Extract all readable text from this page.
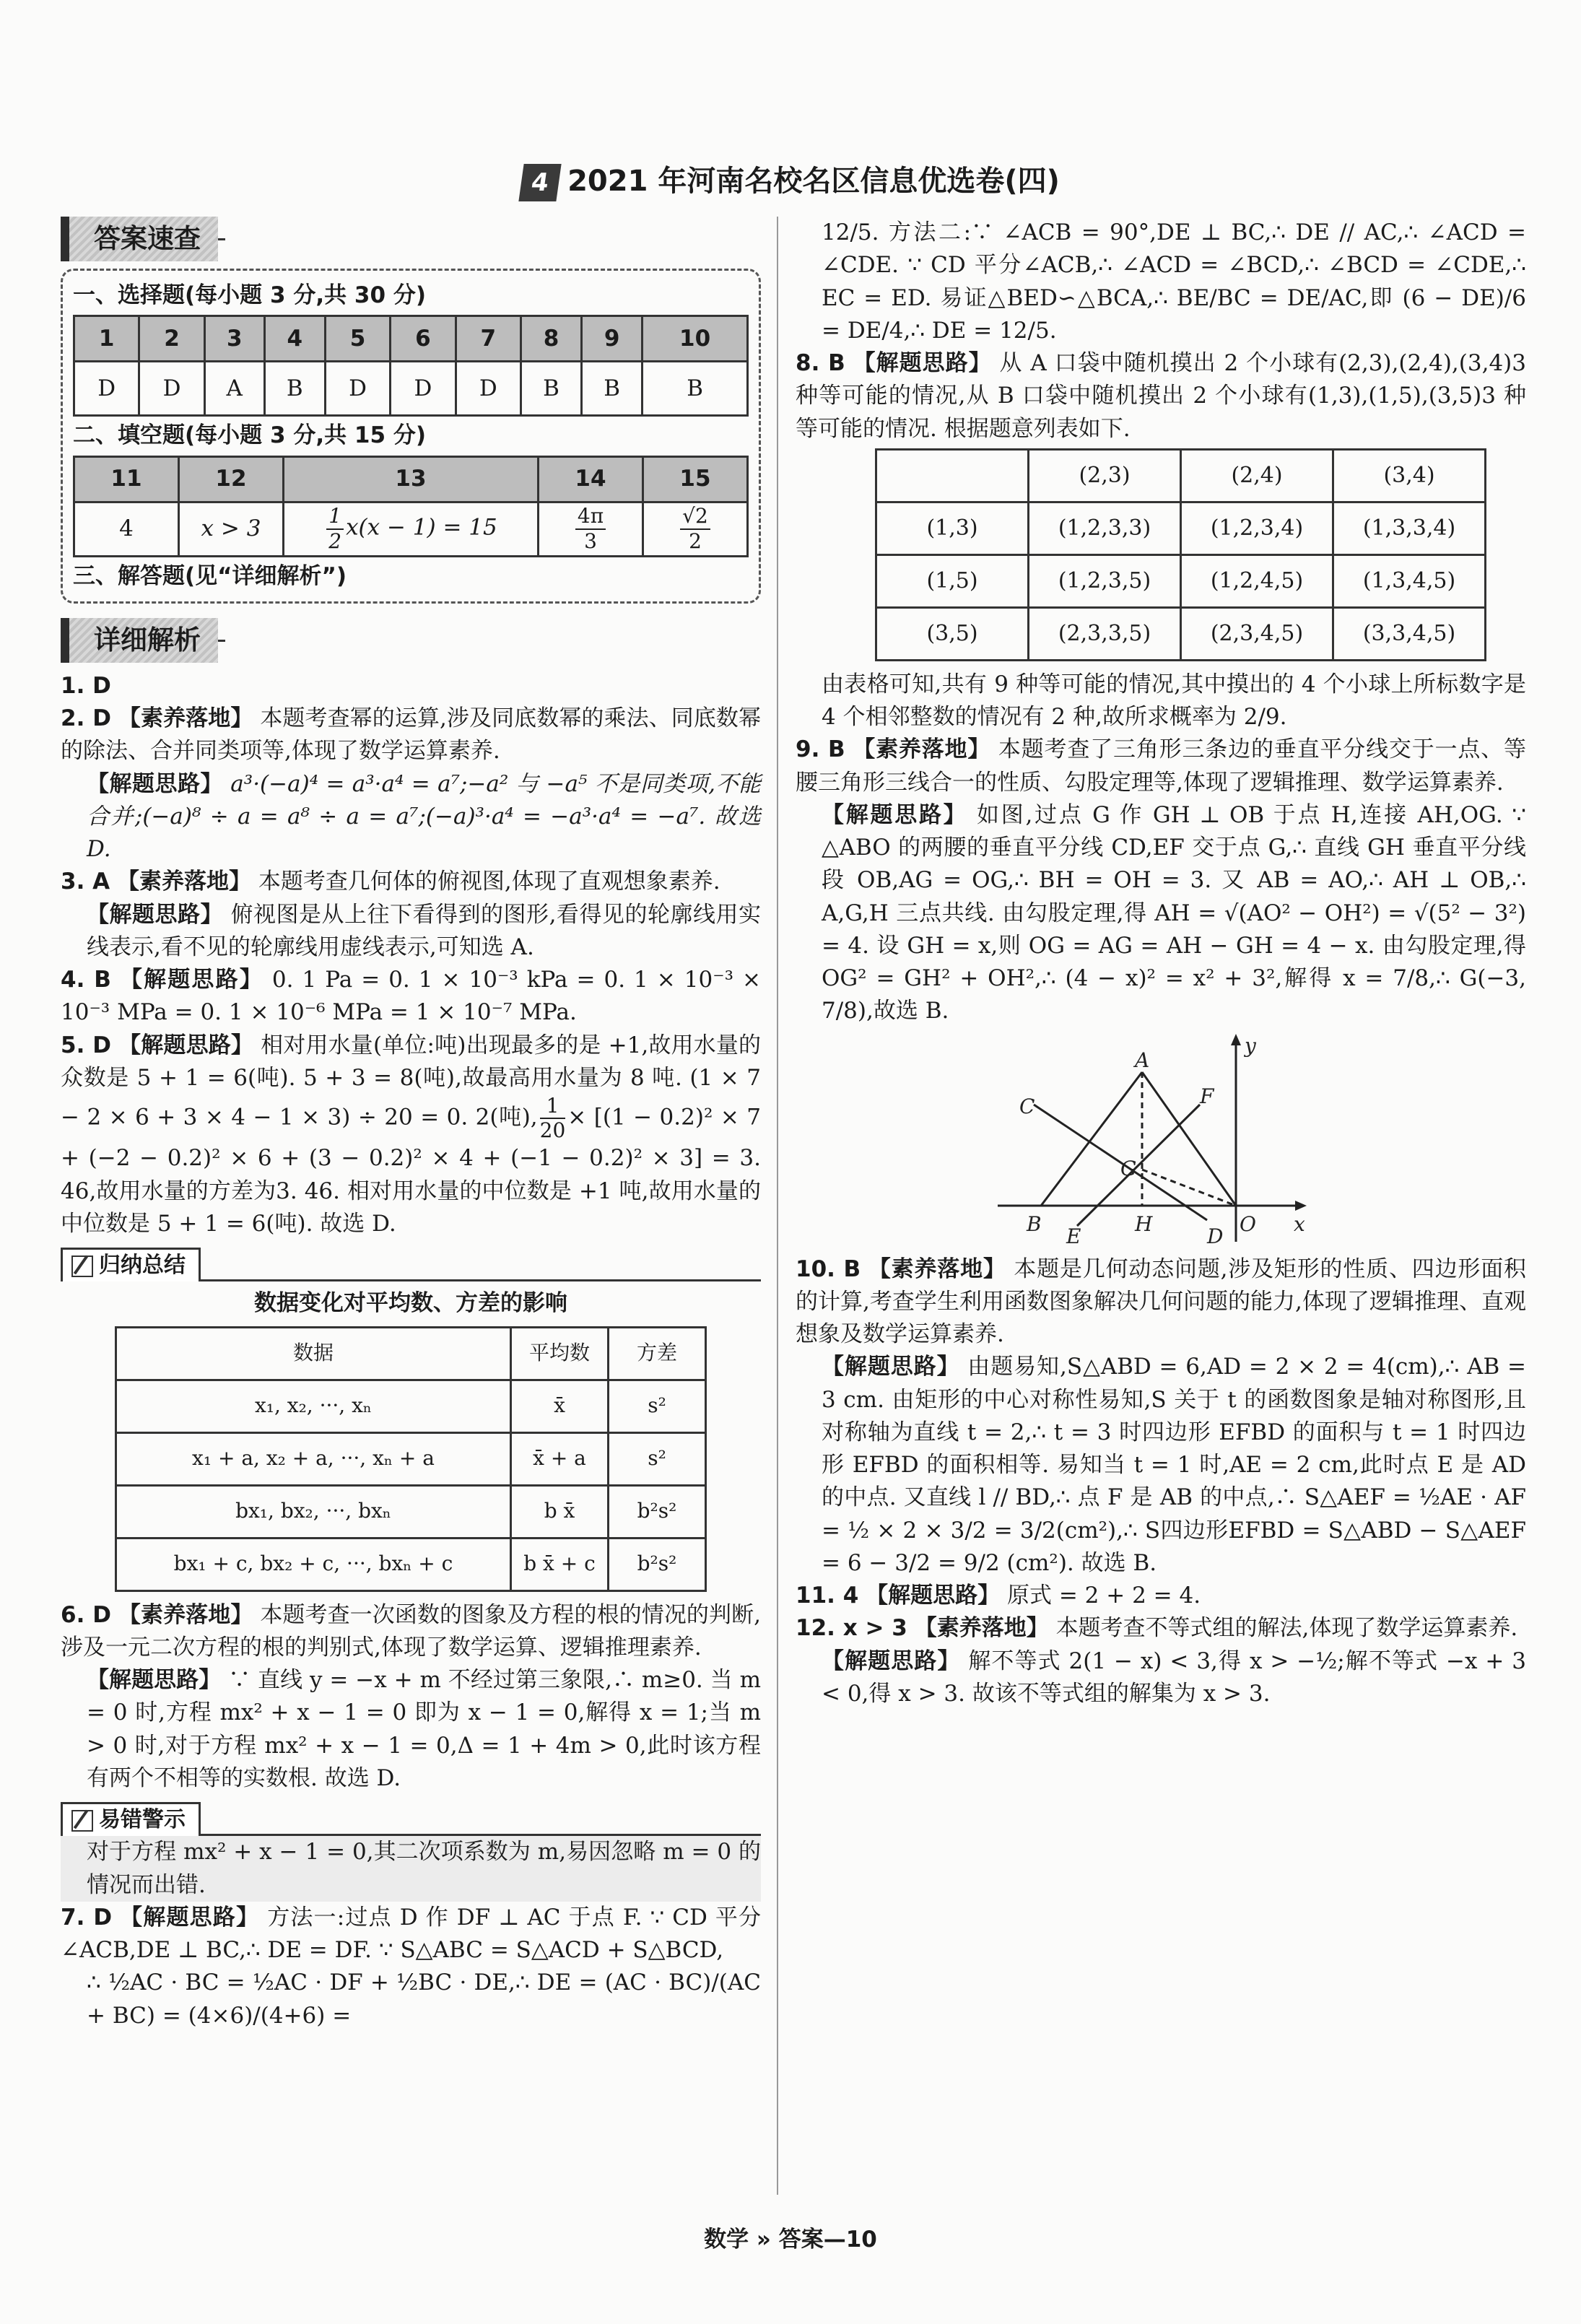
4 2021 年河南名校名区信息优选卷(四)
答案速查
一、选择题(每小题 3 分,共 30 分)
1	2	3	4	5	6	7	8	9	10
D	D	A	B	D	D	D	B	B	B
二、填空题(每小题 3 分,共 15 分)
11	12	13	14	15
4	x > 3	$\frac{1}{2} x(x - 1) = 15$	$\frac{4\pi}{3}$	$\frac{√2}{2}$
三、解答题(见“详细解析”)
详细解析

1. D

2. D 【素养落地】 本题考查幂的运算,涉及同底数幂的乘法、同底数幂的除法、合并同类项等,体现了数学运算素养.

【解题思路】 a³·(−a)⁴ = a³·a⁴ = a⁷;−a² 与 −a⁵ 不是同类项,不能合并;(−a)⁸ ÷ a = a⁸ ÷ a = a⁷;(−a)³·a⁴ = −a³·a⁴ = −a⁷. 故选 D.

3. A 【素养落地】 本题考查几何体的俯视图,体现了直观想象素养.

【解题思路】 俯视图是从上往下看得到的图形,看得见的轮廓线用实线表示,看不见的轮廓线用虚线表示,可知选 A.

4. B 【解题思路】 0. 1 Pa = 0. 1 × 10⁻³ kPa = 0. 1 × 10⁻³ × 10⁻³ MPa = 0. 1 × 10⁻⁶ MPa = 1 × 10⁻⁷ MPa.

5. D 【解题思路】 相对用水量(单位:吨)出现最多的是 +1,故用水量的众数是 5 + 1 = 6(吨). 5 + 3 = 8(吨),故最高用水量为 8 吨. (1 × 7 − 2 × 6 + 3 × 4 − 1 × 3) ÷ 20 = 0. 2(吨), $\frac{1}{20} \times [(1 - 0.2)^2 \times 7 + (-2 - 0.2)^2 \times 6 + (3 - 0.2)^2 \times 4 + (-1 - 0.2)^2 \times 3] = 3$. 46,故用水量的方差为3. 46. 相对用水量的中位数是 +1 吨,故用水量的中位数是 5 + 1 = 6(吨). 故选 D.

归纳总结
数据变化对平均数、方差的影响
数据	平均数	方差
x₁, x₂, ···, xₙ	x̄	s²
x₁ + a, x₂ + a, ···, xₙ + a	x̄ + a	s²
bx₁, bx₂, ···, bxₙ	b x̄	b²s²
bx₁ + c, bx₂ + c, ···, bxₙ + c	b x̄ + c	b²s²

6. D 【素养落地】 本题考查一次函数的图象及方程的根的情况的判断,涉及一元二次方程的根的判别式,体现了数学运算、逻辑推理素养.

【解题思路】 ∵ 直线 y = −x + m 不经过第三象限,∴ m≥0. 当 m = 0 时,方程 mx² + x − 1 = 0 即为 x − 1 = 0,解得 x = 1;当 m > 0 时,对于方程 mx² + x − 1 = 0,Δ = 1 + 4m > 0,此时该方程有两个不相等的实数根. 故选 D.

易错警示

对于方程 mx² + x − 1 = 0,其二次项系数为 m,易因忽略 m = 0 的情况而出错.

7. D 【解题思路】 方法一:过点 D 作 DF ⊥ AC 于点 F. ∵ CD 平分∠ACB,DE ⊥ BC,∴ DE = DF. ∵ S△ABC = S△ACD + S△BCD,

∴ ½AC · BC = ½AC · DF + ½BC · DE,∴ DE = (AC · BC)/(AC + BC) = (4×6)/(4+6) =

12/5. 方法二:∵ ∠ACB = 90°,DE ⊥ BC,∴ DE // AC,∴ ∠ACD = ∠CDE. ∵ CD 平分∠ACB,∴ ∠ACD = ∠BCD,∴ ∠BCD = ∠CDE,∴ EC = ED. 易证△BED∽△BCA,∴ BE/BC = DE/AC,即 (6 − DE)/6 = DE/4,∴ DE = 12/5.

8. B 【解题思路】 从 A 口袋中随机摸出 2 个小球有(2,3),(2,4),(3,4)3 种等可能的情况,从 B 口袋中随机摸出 2 个小球有(1,3),(1,5),(3,5)3 种等可能的情况. 根据题意列表如下.

	(2,3)	(2,4)	(3,4)
(1,3)	(1,2,3,3)	(1,2,3,4)	(1,3,3,4)
(1,5)	(1,2,3,5)	(1,2,4,5)	(1,3,4,5)
(3,5)	(2,3,3,5)	(2,3,4,5)	(3,3,4,5)

由表格可知,共有 9 种等可能的情况,其中摸出的 4 个小球上所标数字是 4 个相邻整数的情况有 2 种,故所求概率为 2/9.

9. B 【素养落地】 本题考查了三角形三条边的垂直平分线交于一点、等腰三角形三线合一的性质、勾股定理等,体现了逻辑推理、数学运算素养.

【解题思路】 如图,过点 G 作 GH ⊥ OB 于点 H,连接 AH,OG. ∵ △ABO 的两腰的垂直平分线 CD,EF 交于点 G,∴ 直线 GH 垂直平分线段 OB,AG = OG,∴ BH = OH = 3. 又 AB = AO,∴ AH ⊥ OB,∴ A,G,H 三点共线. 由勾股定理,得 AH = √(AO² − OH²) = √(5² − 3²) = 4. 设 GH = x,则 OG = AG = AH − GH = 4 − x. 由勾股定理,得 OG² = GH² + OH²,∴ (4 − x)² = x² + 3²,解得 x = 7/8,∴ G(−3, 7/8),故选 B.

A
B
C
D
E
F
G
H	O x
y

10. B 【素养落地】 本题是几何动态问题,涉及矩形的性质、四边形面积的计算,考查学生利用函数图象解决几何问题的能力,体现了逻辑推理、直观想象及数学运算素养.

【解题思路】 由题易知,S△ABD = 6,AD = 2 × 2 = 4(cm),∴ AB = 3 cm. 由矩形的中心对称性易知,S 关于 t 的函数图象是轴对称图形,且对称轴为直线 t = 2,∴ t = 3 时四边形 EFBD 的面积与 t = 1 时四边形 EFBD 的面积相等. 易知当 t = 1 时,AE = 2 cm,此时点 E 是 AD 的中点. 又直线 l // BD,∴ 点 F 是 AB 的中点,∴ S△AEF = ½AE · AF = ½ × 2 × 3/2 = 3/2(cm²),∴ S四边形EFBD = S△ABD − S△AEF = 6 − 3/2 = 9/2 (cm²). 故选 B.

11. 4 【解题思路】 原式 = 2 + 2 = 4.

12. x > 3 【素养落地】 本题考查不等式组的解法,体现了数学运算素养.

【解题思路】 解不等式 2(1 − x) < 3,得 x > −½;解不等式 −x + 3 < 0,得 x > 3. 故该不等式组的解集为 x > 3.

数学 » 答案—10
